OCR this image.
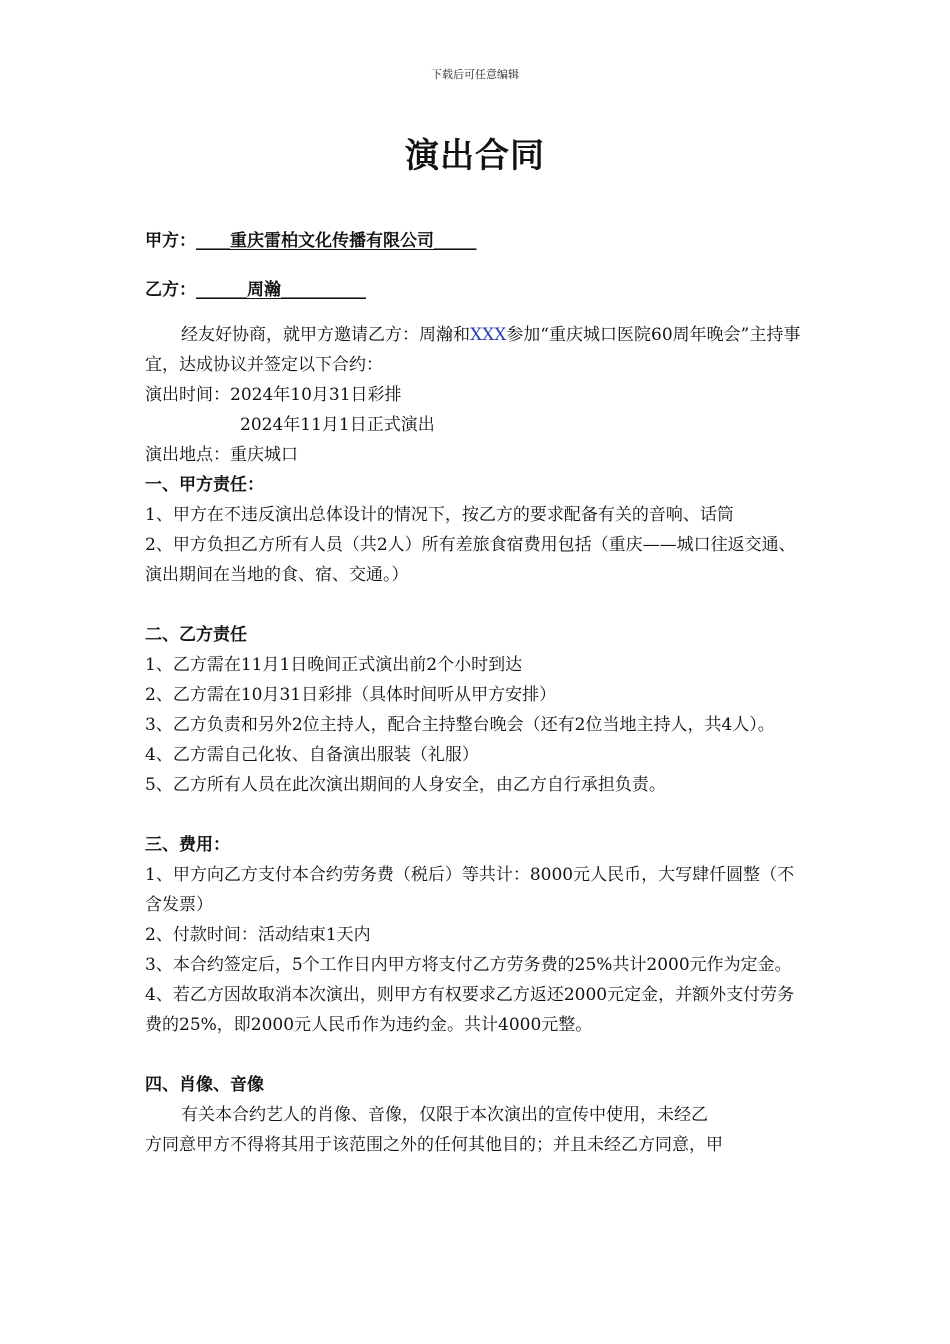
下载后可任意编辑
演出合同
甲方：____重庆雷柏文化传播有限公司_____
乙方：______周瀚__________

经友好协商，就甲方邀请乙方：周瀚和XXX参加“重庆城口医院60周年晚会”主持事宜，达成协议并签定以下合约：

演出时间：2024年10月31日彩排

2024年11月1日正式演出

演出地点：重庆城口

一、甲方责任：

1、甲方在不违反演出总体设计的情况下，按乙方的要求配备有关的音响、话筒

2、甲方负担乙方所有人员（共2人）所有差旅食宿费用包括（重庆——城口往返交通、演出期间在当地的食、宿、交通。）

二、乙方责任

1、乙方需在11月1日晚间正式演出前2个小时到达

2、乙方需在10月31日彩排（具体时间听从甲方安排）

3、乙方负责和另外2位主持人，配合主持整台晚会（还有2位当地主持人，共4人）。

4、乙方需自己化妆、自备演出服装（礼服）

5、乙方所有人员在此次演出期间的人身安全，由乙方自行承担负责。

三、费用：

1、甲方向乙方支付本合约劳务费（税后）等共计：8000元人民币，大写肆仟圆整（不含发票）

2、付款时间：活动结束1天内

3、本合约签定后，5个工作日内甲方将支付乙方劳务费的25%共计2000元作为定金。

4、若乙方因故取消本次演出，则甲方有权要求乙方返还2000元定金，并额外支付劳务费的25%，即2000元人民币作为违约金。共计4000元整。

四、肖像、音像

有关本合约艺人的肖像、音像，仅限于本次演出的宣传中使用，未经乙

方同意甲方不得将其用于该范围之外的任何其他目的；并且未经乙方同意，甲
